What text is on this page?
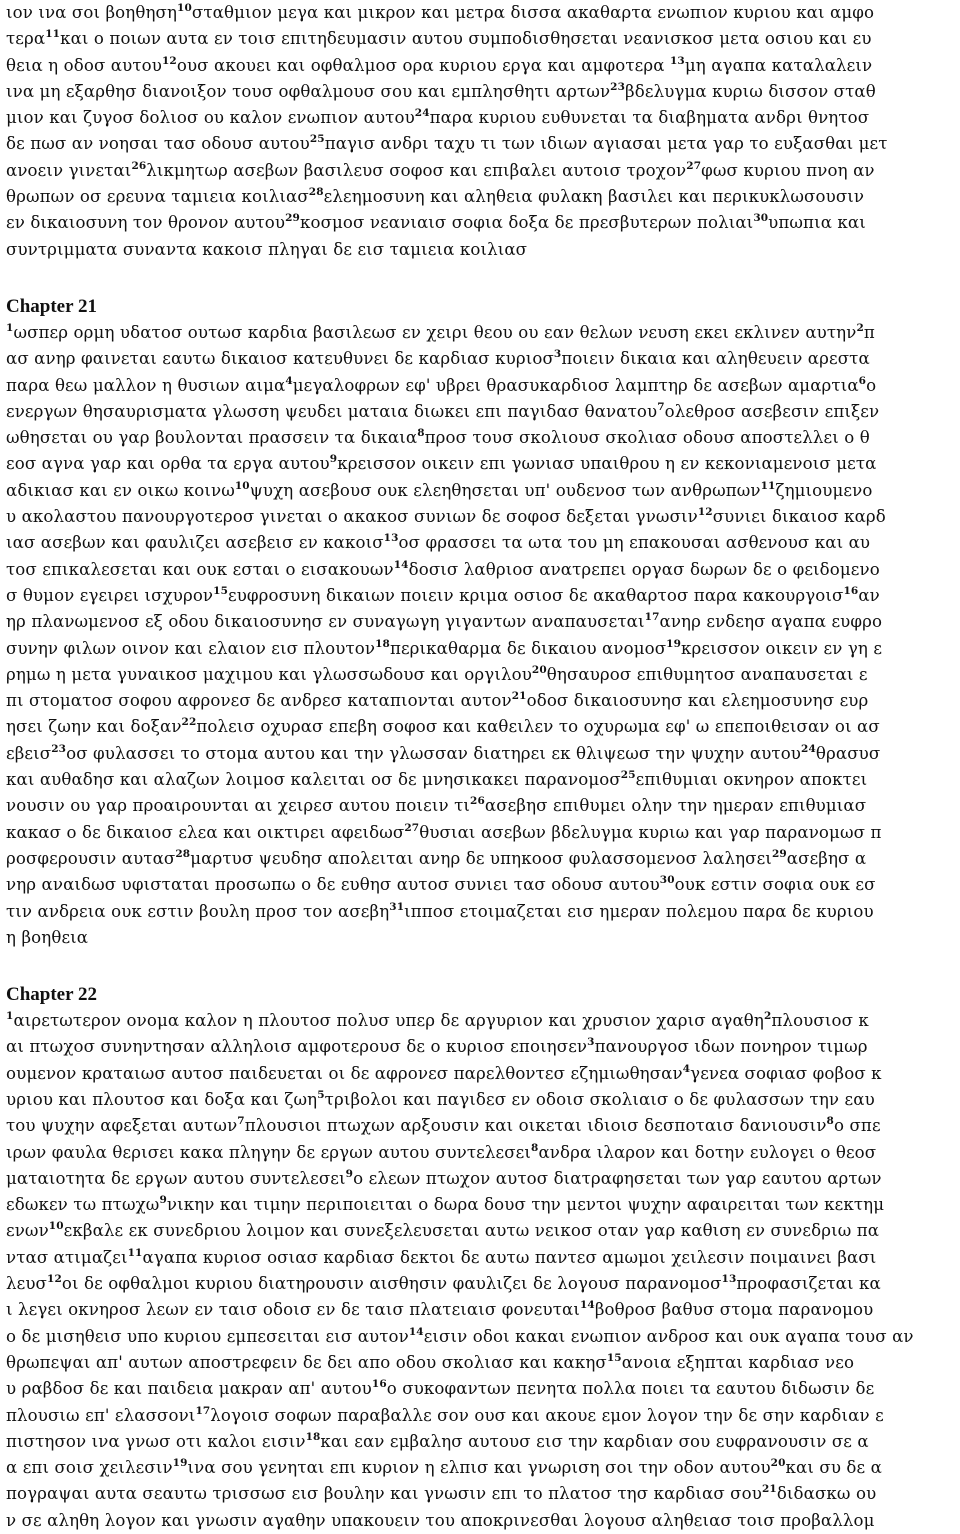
ιον ινα σοι βοηθηση$^{10}$σταθμιον μεγα και μικρον και μετρα δισσα ακαθαρτα ενωπιον κυριου και αμφο
τερα$^{11}$και ο ποιων αυτα εν τοισ επιτηδευμασιν αυτου συμποδισθησεται νεανισκοσ μετα οσιου και ευ
θεια η οδοσ αυτου$^{12}$ουσ ακουει και οφθαλμοσ ορα κυριου εργα και αμφοτερα $^{13}$μη αγαπα καταλαλειν
ινα μη εξαρθησ διανοιξον τουσ οφθαλμουσ σου και εμπλησθητι αρτων$^{23}$βδελυγμα κυριω δισσον σταθ
μιον και ζυγοσ δολιοσ ου καλον ενωπιον αυτου$^{24}$παρα κυριου ευθυνεται τα διαβηματα ανδρι θνητοσ
δε πωσ αν νοησαι τασ οδουσ αυτου$^{25}$παγισ ανδρι ταχυ τι των ιδιων αγιασαι μετα γαρ το ευξασθαι μετ
ανοειν γινεται$^{26}$λικμητωρ ασεβων βασιλευσ σοφοσ και επιβαλει αυτοισ τροχον$^{27}$φωσ κυριου πνοη αν
θρωπων οσ ερευνα ταμιεια κοιλιασ$^{28}$ελεημοσυνη και αληθεια φυλακη βασιλει και περικυκλωσουσιν
εν δικαιοσυνη τον θρονον αυτου$^{29}$κοσμοσ νεανιαισ σοφια δοξα δε πρεσβυτερων πολιαι$^{30}$υπωπια και
συντριμματα συναντα κακοισ πληγαι δε εισ ταμιεια κοιλιασ
Chapter 21
$^1$ωσπερ ορμη υδατοσ ουτωσ καρδια βασιλεωσ εν χειρι θεου ου εαν θελων νευση εκει εκλινεν αυτην$^2$π
ασ ανηρ φαινεται εαυτω δικαιοσ κατευθυνει δε καρδιασ κυριοσ$^3$ποιειν δικαια και αληθευειν αρεστα
παρα θεω μαλλον η θυσιων αιμα$^4$μεγαλοφρων εφ' υβρει θρασυκαρδιοσ λαμπτηρ δε ασεβων αμαρτια$^6$ο
ενεργων θησαυρισματα γλωσση ψευδει ματαια διωκει επι παγιδασ θανατου$^7$ολεθροσ ασεβεσιν επιξεν
ωθησεται ου γαρ βουλονται πρασσειν τα δικαια$^8$προσ τουσ σκολιουσ σκολιασ οδουσ αποστελλει ο θ
εοσ αγνα γαρ και ορθα τα εργα αυτου$^9$κρεισσον οικειν επι γωνιασ υπαιθρου η εν κεκονιαμενοισ μετα
αδικιασ και εν οικω κοινω$^{10}$ψυχη ασεβουσ ουκ ελεηθησεται υπ' ουδενοσ των ανθρωπων$^{11}$ζημιουμενο
υ ακολαστου πανουργοτεροσ γινεται ο ακακοσ συνιων δε σοφοσ δεξεται γνωσιν$^{12}$συνιει δικαιοσ καρδ
ιασ ασεβων και φαυλιζει ασεβεισ εν κακοισ$^{13}$οσ φρασσει τα ωτα του μη επακουσαι ασθενουσ και αυ
τοσ επικαλεσεται και ουκ εσται ο εισακουων$^{14}$δοσισ λαθριοσ ανατρεπει οργασ δωρων δε ο φειδομενο
σ θυμον εγειρει ισχυρον$^{15}$ευφροσυνη δικαιων ποιειν κριμα οσιοσ δε ακαθαρτοσ παρα κακουργοισ$^{16}$αν
ηρ πλανωμενοσ εξ οδου δικαιοσυνησ εν συναγωγη γιγαντων αναπαυσεται$^{17}$ανηρ ενδεησ αγαπα ευφρο
συνην φιλων οινον και ελαιον εισ πλουτον$^{18}$περικαθαρμα δε δικαιου ανομοσ$^{19}$κρεισσον οικειν εν γη ε
ρημω η μετα γυναικοσ μαχιμου και γλωσσωδουσ και οργιλου$^{20}$θησαυροσ επιθυμητοσ αναπαυσεται ε
πι στοματοσ σοφου αφρονεσ δε ανδρεσ καταπιονται αυτον$^{21}$οδοσ δικαιοσυνησ και ελεημοσυνησ ευρ
ησει ζωην και δοξαν$^{22}$πολεισ οχυρασ επεβη σοφοσ και καθειλεν το οχυρωμα εφ' ω επεποιθεισαν οι ασ
εβεισ$^{23}$οσ φυλασσει το στομα αυτου και την γλωσσαν διατηρει εκ θλιψεωσ την ψυχην αυτου$^{24}$θρασυσ
και αυθαδησ και αλαζων λοιμοσ καλειται οσ δε μνησικακει παρανομοσ$^{25}$επιθυμιαι οκνηρον αποκτει
νουσιν ου γαρ προαιρουνται αι χειρεσ αυτου ποιειν $\tau\iota^{26}\alpha\sigma\varepsilon\beta\eta\sigma$ επιθυμει ολην την ημεραν επιθυμιασ
κακασ ο δε δικαιοσ ελεα και οικτιρει αφειδωσ$^{27}$θυσιαι ασεβων βδελυγμα κυριω και γαρ παρανομωσ π
ροσφερουσιν αυτασ$^{28}$μαρτυσ ψευδησ απολειται ανηρ δε υπηκοοσ φυλασσομενοσ λαλησει$^{29}$ασεβησ α
νηρ αναιδωσ υφισταται προσωπω ο δε ευθησ αυτοσ συνιει τασ οδουσ αυτου$^{30}$ουκ εστιν σοφια ουκ εσ
τιν ανδρεια ουκ εστιν βουλη προσ τον ασεβη$^{31}$ιπποσ ετοιμαζεται εισ ημεραν πολεμου παρα δε κυριου
η βοηθεια
Chapter 22
$^1$αιρετωτερον ονομα καλον η πλουτοσ πολυσ υπερ δε αργυριον και χρυσιον χαρισ αγαθη$^2$πλουσιοσ κ
αι πτωχοσ συνηντησαν αλληλοισ αμφοτερουσ δε ο κυριοσ εποιησεν$^3$πανουργοσ ιδων πονηρον τιμωρ
ουμενον κραταιωσ αυτοσ παιδευεται οι δε αφρονεσ παρελθοντεσ εζημιωθησαν$^4$γενεα σοφιασ φοβοσ κ
υριου και πλουτοσ και δοξα και ζωη$^5$τριβολοι και παγιδεσ εν οδοισ σκολιαισ ο δε φυλασσων την εαυ
του ψυχην αφεξεται αυτων$^7$πλουσιοι πτωχων αρξουσιν και οικεται ιδιοισ δεσποταισ δανιουσιν$^8$ο σπε
ιρων φαυλα θερισει κακα πληγην δε εργων αυτου συντελεσει$^8$ανδρα ιλαρον και δοτην ευλογει ο θεοσ
ματαιοτητα δε εργων αυτου συντελεσει$^9$ο ελεων πτωχον αυτοσ διατραφησεται των γαρ εαυτου αρτων
εδωκεν τω πτωχω$^9$νικην και τιμην περιποιειται ο δωρα δουσ την μεντοι ψυχην αφαιρειται των κεκτημ
ενων$^{10}$εκβαλε εκ συνεδριου λοιμον και συνεξελευσεται αυτω νεικοσ οταν γαρ καθιση εν συνεδριω πα
ντασ ατιμαζει$^{11}$αγαπα κυριοσ οσιασ καρδιασ δεκτοι δε αυτω παντεσ αμωμοι χειλεσιν ποιμαινει βασι
λευσ$^{12}$οι δε οφθαλμοι κυριου διατηρουσιν αισθησιν φαυλιζει δε λογουσ παρανομοσ$^{13}$προφασιζεται κα
ι λεγει οκνηροσ λεων εν ταισ οδοισ εν δε ταισ πλατειαισ φονευται$^{14}$βοθροσ βαθυσ στομα παρανομου
ο δε μισηθεισ υπο κυριου εμπεσειται εισ αυτον$^{14}$εισιν οδοι κακαι ενωπιον ανδροσ και ουκ αγαπα τουσ αν
θρωπεψαι απ' αυτων αποστρεφειν δε δει απο οδου σκολιασ και κακησ$^{15}$ανοια εξηπται καρδιασ νεο
υ ραβδοσ δε και παιδεια μακραν απ' αυτου$^{16}$ο συκοφαντων πενητα πολλα ποιει τα εαυτου διδωσιν δε
πλουσιω επ' ελασσονι$^{17}$λογοισ σοφων παραβαλλε σον ουσ και ακουε εμον λογον την δε σην καρδιαν ε
πιστησον ινα γνωσ οτι καλοι εισιν$^{18}$και εαν εμβαλησ αυτουσ εισ την καρδιαν σου ευφρανουσιν σε α
α επι σοισ χειλεσιν$^{19}$ινα σου γενηται επι κυριον η ελπισ και γνωριση σοι την οδον αυτου$^{20}$και συ δε α
πογραψαι αυτα σεαυτω τρισσωσ εισ βουλην και γνωσιν επι το πλατοσ τησ καρδιασ σου$^{21}$διδασκω ου
ν σε αληθη λογον και γνωσιν αγαθην υπακουειν του αποκρινεσθαι λογουσ αληθειασ τοισ προβαλλομ
